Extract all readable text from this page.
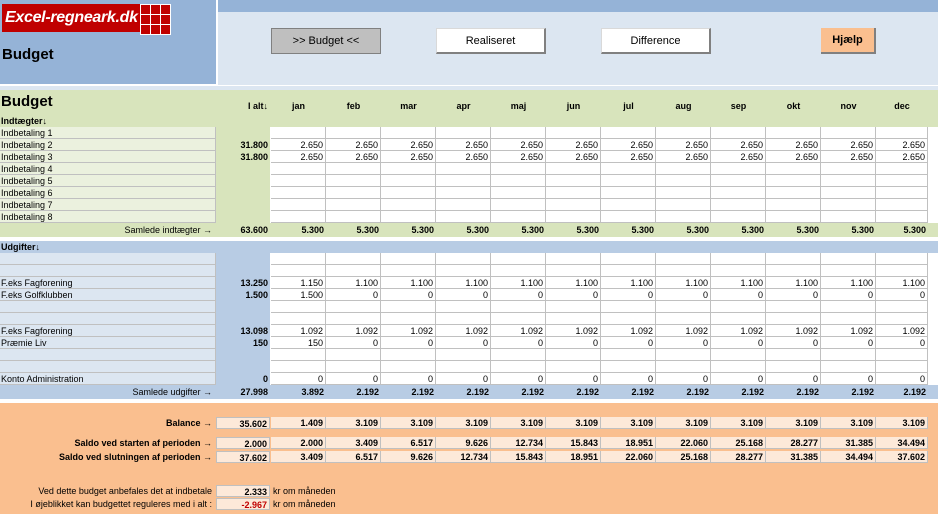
Excel-regneark.dk
Budget
>> Budget <<	Realiseret	Difference	Hjælp
Budget	I alt↓	jan	feb	mar	apr	maj	jun	jul	aug	sep	okt	nov	dec
Indtægter↓
Indbetaling 1
Indbetaling 2	31.800	2.650	2.650	2.650	2.650	2.650	2.650	2.650	2.650	2.650	2.650	2.650	2.650
Indbetaling 3	31.800	2.650	2.650	2.650	2.650	2.650	2.650	2.650	2.650	2.650	2.650	2.650	2.650
Indbetaling 4
Indbetaling 5
Indbetaling 6
Indbetaling 7
Indbetaling 8
Samlede indtægter →	63.600	5.300	5.300	5.300	5.300	5.300	5.300	5.300	5.300	5.300	5.300	5.300	5.300
Udgifter↓
F.eks Fagforening	13.250	1.150	1.100	1.100	1.100	1.100	1.100	1.100	1.100	1.100	1.100	1.100	1.100
F.eks Golfklubben	1.500	1.500	0	0	0	0	0	0	0	0	0	0	0
F.eks Fagforening	13.098	1.092	1.092	1.092	1.092	1.092	1.092	1.092	1.092	1.092	1.092	1.092	1.092
Præmie Liv	150	150	0	0	0	0	0	0	0	0	0	0	0
Konto Administration	0	0	0	0	0	0	0	0	0	0	0	0	0
Samlede udgifter →	27.998	3.892	2.192	2.192	2.192	2.192	2.192	2.192	2.192	2.192	2.192	2.192	2.192
Balance →	35.602	1.409	3.109	3.109	3.109	3.109	3.109	3.109	3.109	3.109	3.109	3.109	3.109
Saldo ved starten af perioden →	2.000	2.000	3.409	6.517	9.626	12.734	15.843	18.951	22.060	25.168	28.277	31.385	34.494
Saldo ved slutningen af perioden →	37.602	3.409	6.517	9.626	12.734	15.843	18.951	22.060	25.168	28.277	31.385	34.494	37.602
Ved dette budget anbefales det at indbetale	2.333 kr om måneden
I øjeblikket kan budgettet reguleres med i alt :	-2.967 kr om måneden
